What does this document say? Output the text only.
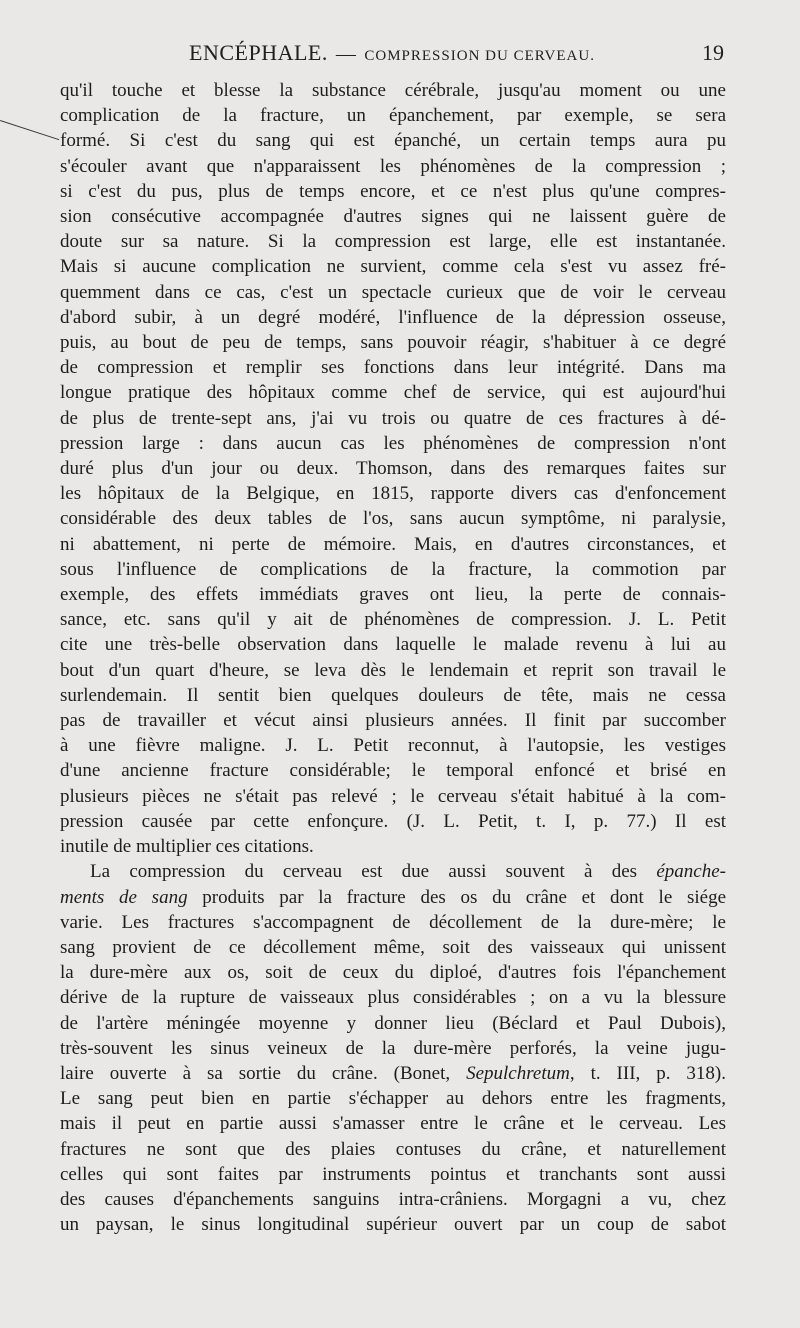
ENCÉPHALE. — COMPRESSION DU CERVEAU.	19

qu'il touche et blesse la substance cérébrale, jusqu'au moment ou une
complication de la fracture, un épanchement, par exemple, se sera
formé. Si c'est du sang qui est épanché, un certain temps aura pu
s'écouler avant que n'apparaissent les phénomènes de la compression ;
si c'est du pus, plus de temps encore, et ce n'est plus qu'une compres-
sion consécutive accompagnée d'autres signes qui ne laissent guère de
doute sur sa nature. Si la compression est large, elle est instantanée.
Mais si aucune complication ne survient, comme cela s'est vu assez fré-
quemment dans ce cas, c'est un spectacle curieux que de voir le cerveau
d'abord subir, à un degré modéré, l'influence de la dépression osseuse,
puis, au bout de peu de temps, sans pouvoir réagir, s'habituer à ce degré
de compression et remplir ses fonctions dans leur intégrité. Dans ma
longue pratique des hôpitaux comme chef de service, qui est aujourd'hui
de plus de trente-sept ans, j'ai vu trois ou quatre de ces fractures à dé-
pression large : dans aucun cas les phénomènes de compression n'ont
duré plus d'un jour ou deux. Thomson, dans des remarques faites sur
les hôpitaux de la Belgique, en 1815, rapporte divers cas d'enfoncement
considérable des deux tables de l'os, sans aucun symptôme, ni paralysie,
ni abattement, ni perte de mémoire. Mais, en d'autres circonstances, et
sous l'influence de complications de la fracture, la commotion par
exemple, des effets immédiats graves ont lieu, la perte de connais-
sance, etc. sans qu'il y ait de phénomènes de compression. J. L. Petit
cite une très-belle observation dans laquelle le malade revenu à lui au
bout d'un quart d'heure, se leva dès le lendemain et reprit son travail le
surlendemain. Il sentit bien quelques douleurs de tête, mais ne cessa
pas de travailler et vécut ainsi plusieurs années. Il finit par succomber
à une fièvre maligne. J. L. Petit reconnut, à l'autopsie, les vestiges
d'une ancienne fracture considérable; le temporal enfoncé et brisé en
plusieurs pièces ne s'était pas relevé ; le cerveau s'était habitué à la com-
pression causée par cette enfonçure. (J. L. Petit, t. I, p. 77.) Il est
inutile de multiplier ces citations.

La compression du cerveau est due aussi souvent à des épanche-
ments de sang produits par la fracture des os du crâne et dont le siége
varie. Les fractures s'accompagnent de décollement de la dure-mère; le
sang provient de ce décollement même, soit des vaisseaux qui unissent
la dure-mère aux os, soit de ceux du diploé, d'autres fois l'épanchement
dérive de la rupture de vaisseaux plus considérables ; on a vu la blessure
de l'artère méningée moyenne y donner lieu (Béclard et Paul Dubois),
très-souvent les sinus veineux de la dure-mère perforés, la veine jugu-
laire ouverte à sa sortie du crâne. (Bonet, Sepulchretum, t. III, p. 318).
Le sang peut bien en partie s'échapper au dehors entre les fragments,
mais il peut en partie aussi s'amasser entre le crâne et le cerveau. Les
fractures ne sont que des plaies contuses du crâne, et naturellement
celles qui sont faites par instruments pointus et tranchants sont aussi
des causes d'épanchements sanguins intra-crâniens. Morgagni a vu, chez
un paysan, le sinus longitudinal supérieur ouvert par un coup de sabot
